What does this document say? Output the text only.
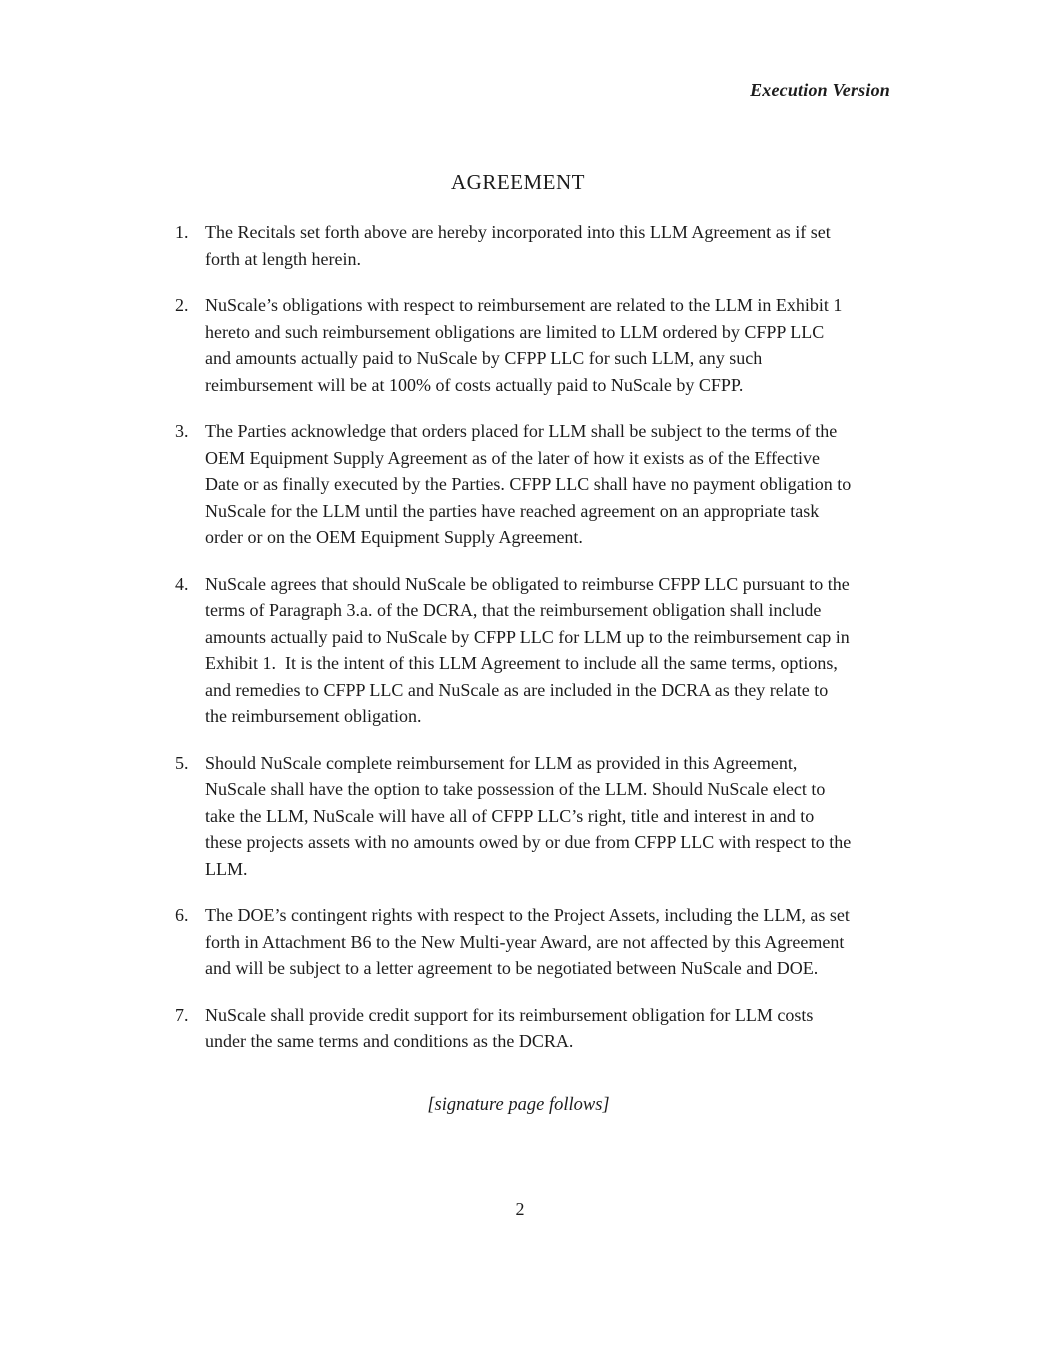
Execution Version
AGREEMENT
1. The Recitals set forth above are hereby incorporated into this LLM Agreement as if set
forth at length herein.
2. NuScale’s obligations with respect to reimbursement are related to the LLM in Exhibit 1
hereto and such reimbursement obligations are limited to LLM ordered by CFPP LLC
and amounts actually paid to NuScale by CFPP LLC for such LLM, any such
reimbursement will be at 100% of costs actually paid to NuScale by CFPP.
3. The Parties acknowledge that orders placed for LLM shall be subject to the terms of the
OEM Equipment Supply Agreement as of the later of how it exists as of the Effective
Date or as finally executed by the Parties. CFPP LLC shall have no payment obligation to
NuScale for the LLM until the parties have reached agreement on an appropriate task
order or on the OEM Equipment Supply Agreement.
4. NuScale agrees that should NuScale be obligated to reimburse CFPP LLC pursuant to the
terms of Paragraph 3.a. of the DCRA, that the reimbursement obligation shall include
amounts actually paid to NuScale by CFPP LLC for LLM up to the reimbursement cap in
Exhibit 1.  It is the intent of this LLM Agreement to include all the same terms, options,
and remedies to CFPP LLC and NuScale as are included in the DCRA as they relate to
the reimbursement obligation.
5. Should NuScale complete reimbursement for LLM as provided in this Agreement,
NuScale shall have the option to take possession of the LLM. Should NuScale elect to
take the LLM, NuScale will have all of CFPP LLC’s right, title and interest in and to
these projects assets with no amounts owed by or due from CFPP LLC with respect to the
LLM.
6. The DOE’s contingent rights with respect to the Project Assets, including the LLM, as set
forth in Attachment B6 to the New Multi-year Award, are not affected by this Agreement
and will be subject to a letter agreement to be negotiated between NuScale and DOE.
7. NuScale shall provide credit support for its reimbursement obligation for LLM costs
under the same terms and conditions as the DCRA.
[signature page follows]
2
